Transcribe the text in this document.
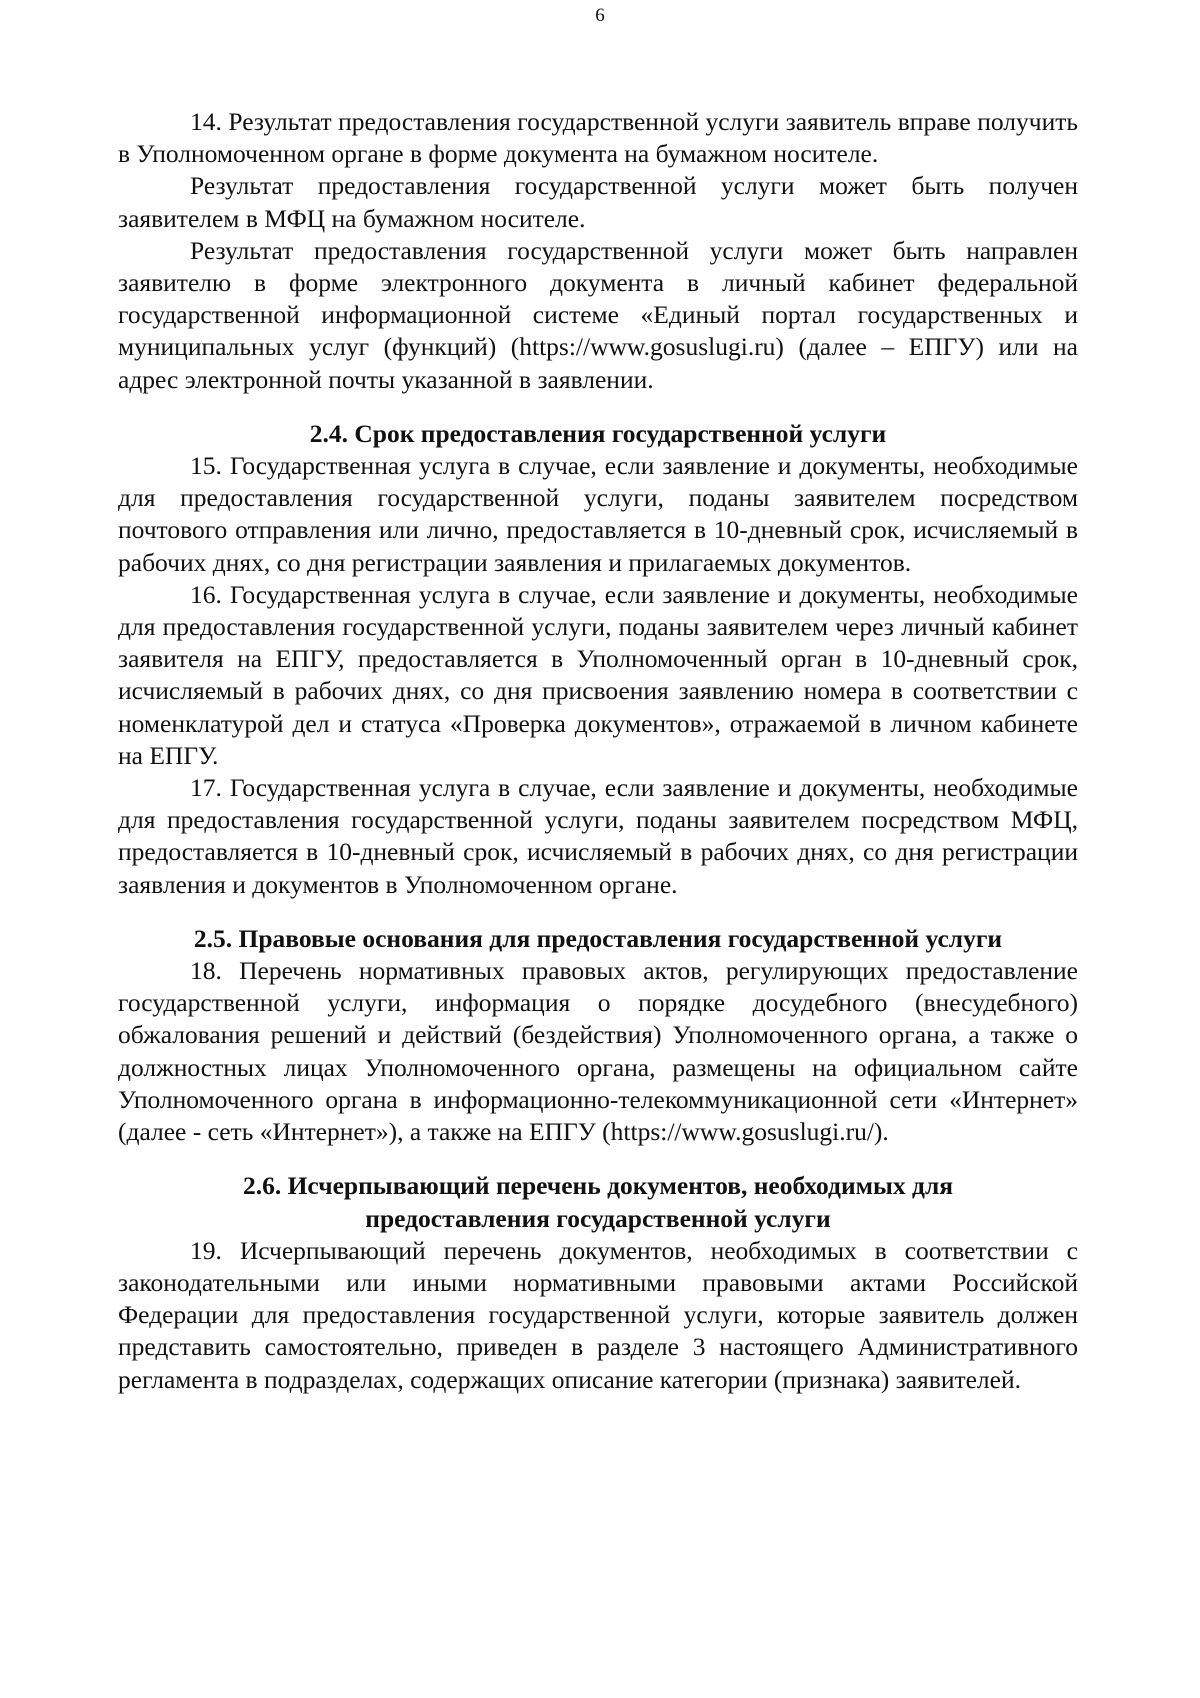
6

14. Результат предоставления государственной услуги заявитель вправе получить в Уполномоченном органе в форме документа на бумажном носителе.

Результат предоставления государственной услуги может быть получен заявителем в МФЦ на бумажном носителе.

Результат предоставления государственной услуги может быть направлен заявителю в форме электронного документа в личный кабинет федеральной государственной информационной системе «Единый портал государственных и муниципальных услуг (функций) (https://www.gosuslugi.ru) (далее – ЕПГУ) или на адрес электронной почты указанной в заявлении.

2.4. Срок предоставления государственной услуги

15. Государственная услуга в случае, если заявление и документы, необходимые для предоставления государственной услуги, поданы заявителем посредством почтового отправления или лично, предоставляется в 10-дневный срок, исчисляемый в рабочих днях, со дня регистрации заявления и прилагаемых документов.

16. Государственная услуга в случае, если заявление и документы, необходимые для предоставления государственной услуги, поданы заявителем через личный кабинет заявителя на ЕПГУ, предоставляется в Уполномоченный орган в 10-дневный срок, исчисляемый в рабочих днях, со дня присвоения заявлению номера в соответствии с номенклатурой дел и статуса «Проверка документов», отражаемой в личном кабинете на ЕПГУ.

17. Государственная услуга в случае, если заявление и документы, необходимые для предоставления государственной услуги, поданы заявителем посредством МФЦ, предоставляется в 10-дневный срок, исчисляемый в рабочих днях, со дня регистрации заявления и документов в Уполномоченном органе.

2.5. Правовые основания для предоставления государственной услуги

18. Перечень нормативных правовых актов, регулирующих предоставление государственной услуги, информация о порядке досудебного (внесудебного) обжалования решений и действий (бездействия) Уполномоченного органа, а также о должностных лицах Уполномоченного органа, размещены на официальном сайте Уполномоченного органа в информационно-телекоммуникационной сети «Интернет» (далее - сеть «Интернет»), а также на ЕПГУ (https://www.gosuslugi.ru/).

2.6. Исчерпывающий перечень документов, необходимых для предоставления государственной услуги

19. Исчерпывающий перечень документов, необходимых в соответствии с законодательными или иными нормативными правовыми актами Российской Федерации для предоставления государственной услуги, которые заявитель должен представить самостоятельно, приведен в разделе 3 настоящего Административного регламента в подразделах, содержащих описание категории (признака) заявителей.
